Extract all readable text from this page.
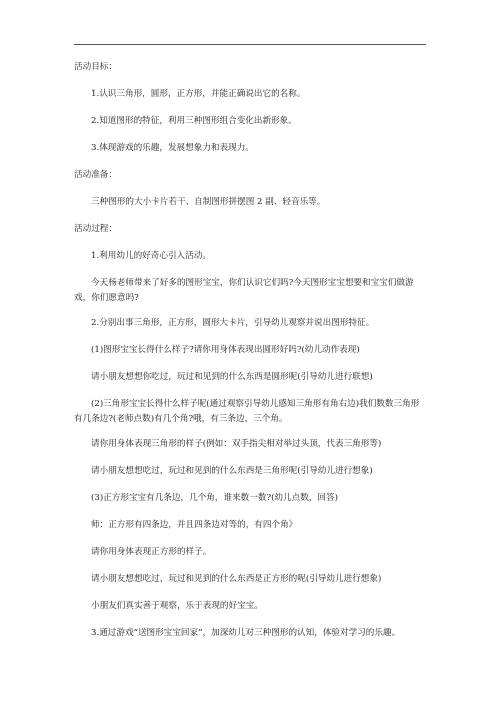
活动目标：
1.认识三角形，圆形，正方形，并能正确说出它的名称。
2.知道图形的特征，利用三种图形组合变化出新形象。
3.体现游戏的乐趣，发展想象力和表现力。
活动准备：
三种图形的大小卡片若干、自制图形拼摆图 2 副、轻音乐等。
活动过程：
1.利用幼儿的好奇心引入活动。
今天杨老师带来了好多的图形宝宝，你们认识它们吗?今天图形宝宝想要和宝宝们做游戏，你们愿意吗?
2.分别出事三角形，正方形，圆形大卡片，引导幼儿观察并说出图形特征。
(1)图形宝宝长得什么样子?请你用身体表现出圆形好吗?(幼儿动作表现)
请小朋友想想你吃过，玩过和见到的什么东西是圆形呢(引导幼儿进行联想)
(2)三角形宝宝长得什么样子呢(通过观察引导幼儿感知三角形有角右边)我们数数三角形有几条边?(老师点数)有几个角?哦，有三条边，三个角。
请你用身体表现三角形的样子(例如：双手指尖相对举过头顶，代表三角形等)
请小朋友想想吃过，玩过和见到的什么东西是三角形呢(引导幼儿进行想象)
(3)正方形宝宝有几条边，几个角，谁来数一数?(幼儿点数，回答)
师：正方形有四条边，并且四条边对等的，有四个角》
请你用身体表现正方形的样子。
请小朋友想想吃过，玩过和见到的什么东西是正方形的呢(引导幼儿进行想象)
小朋友们真实善于观察，乐于表现的好宝宝。
3.通过游戏“送图形宝宝回家”，加深幼儿对三种图形的认知，体验对学习的乐趣。
